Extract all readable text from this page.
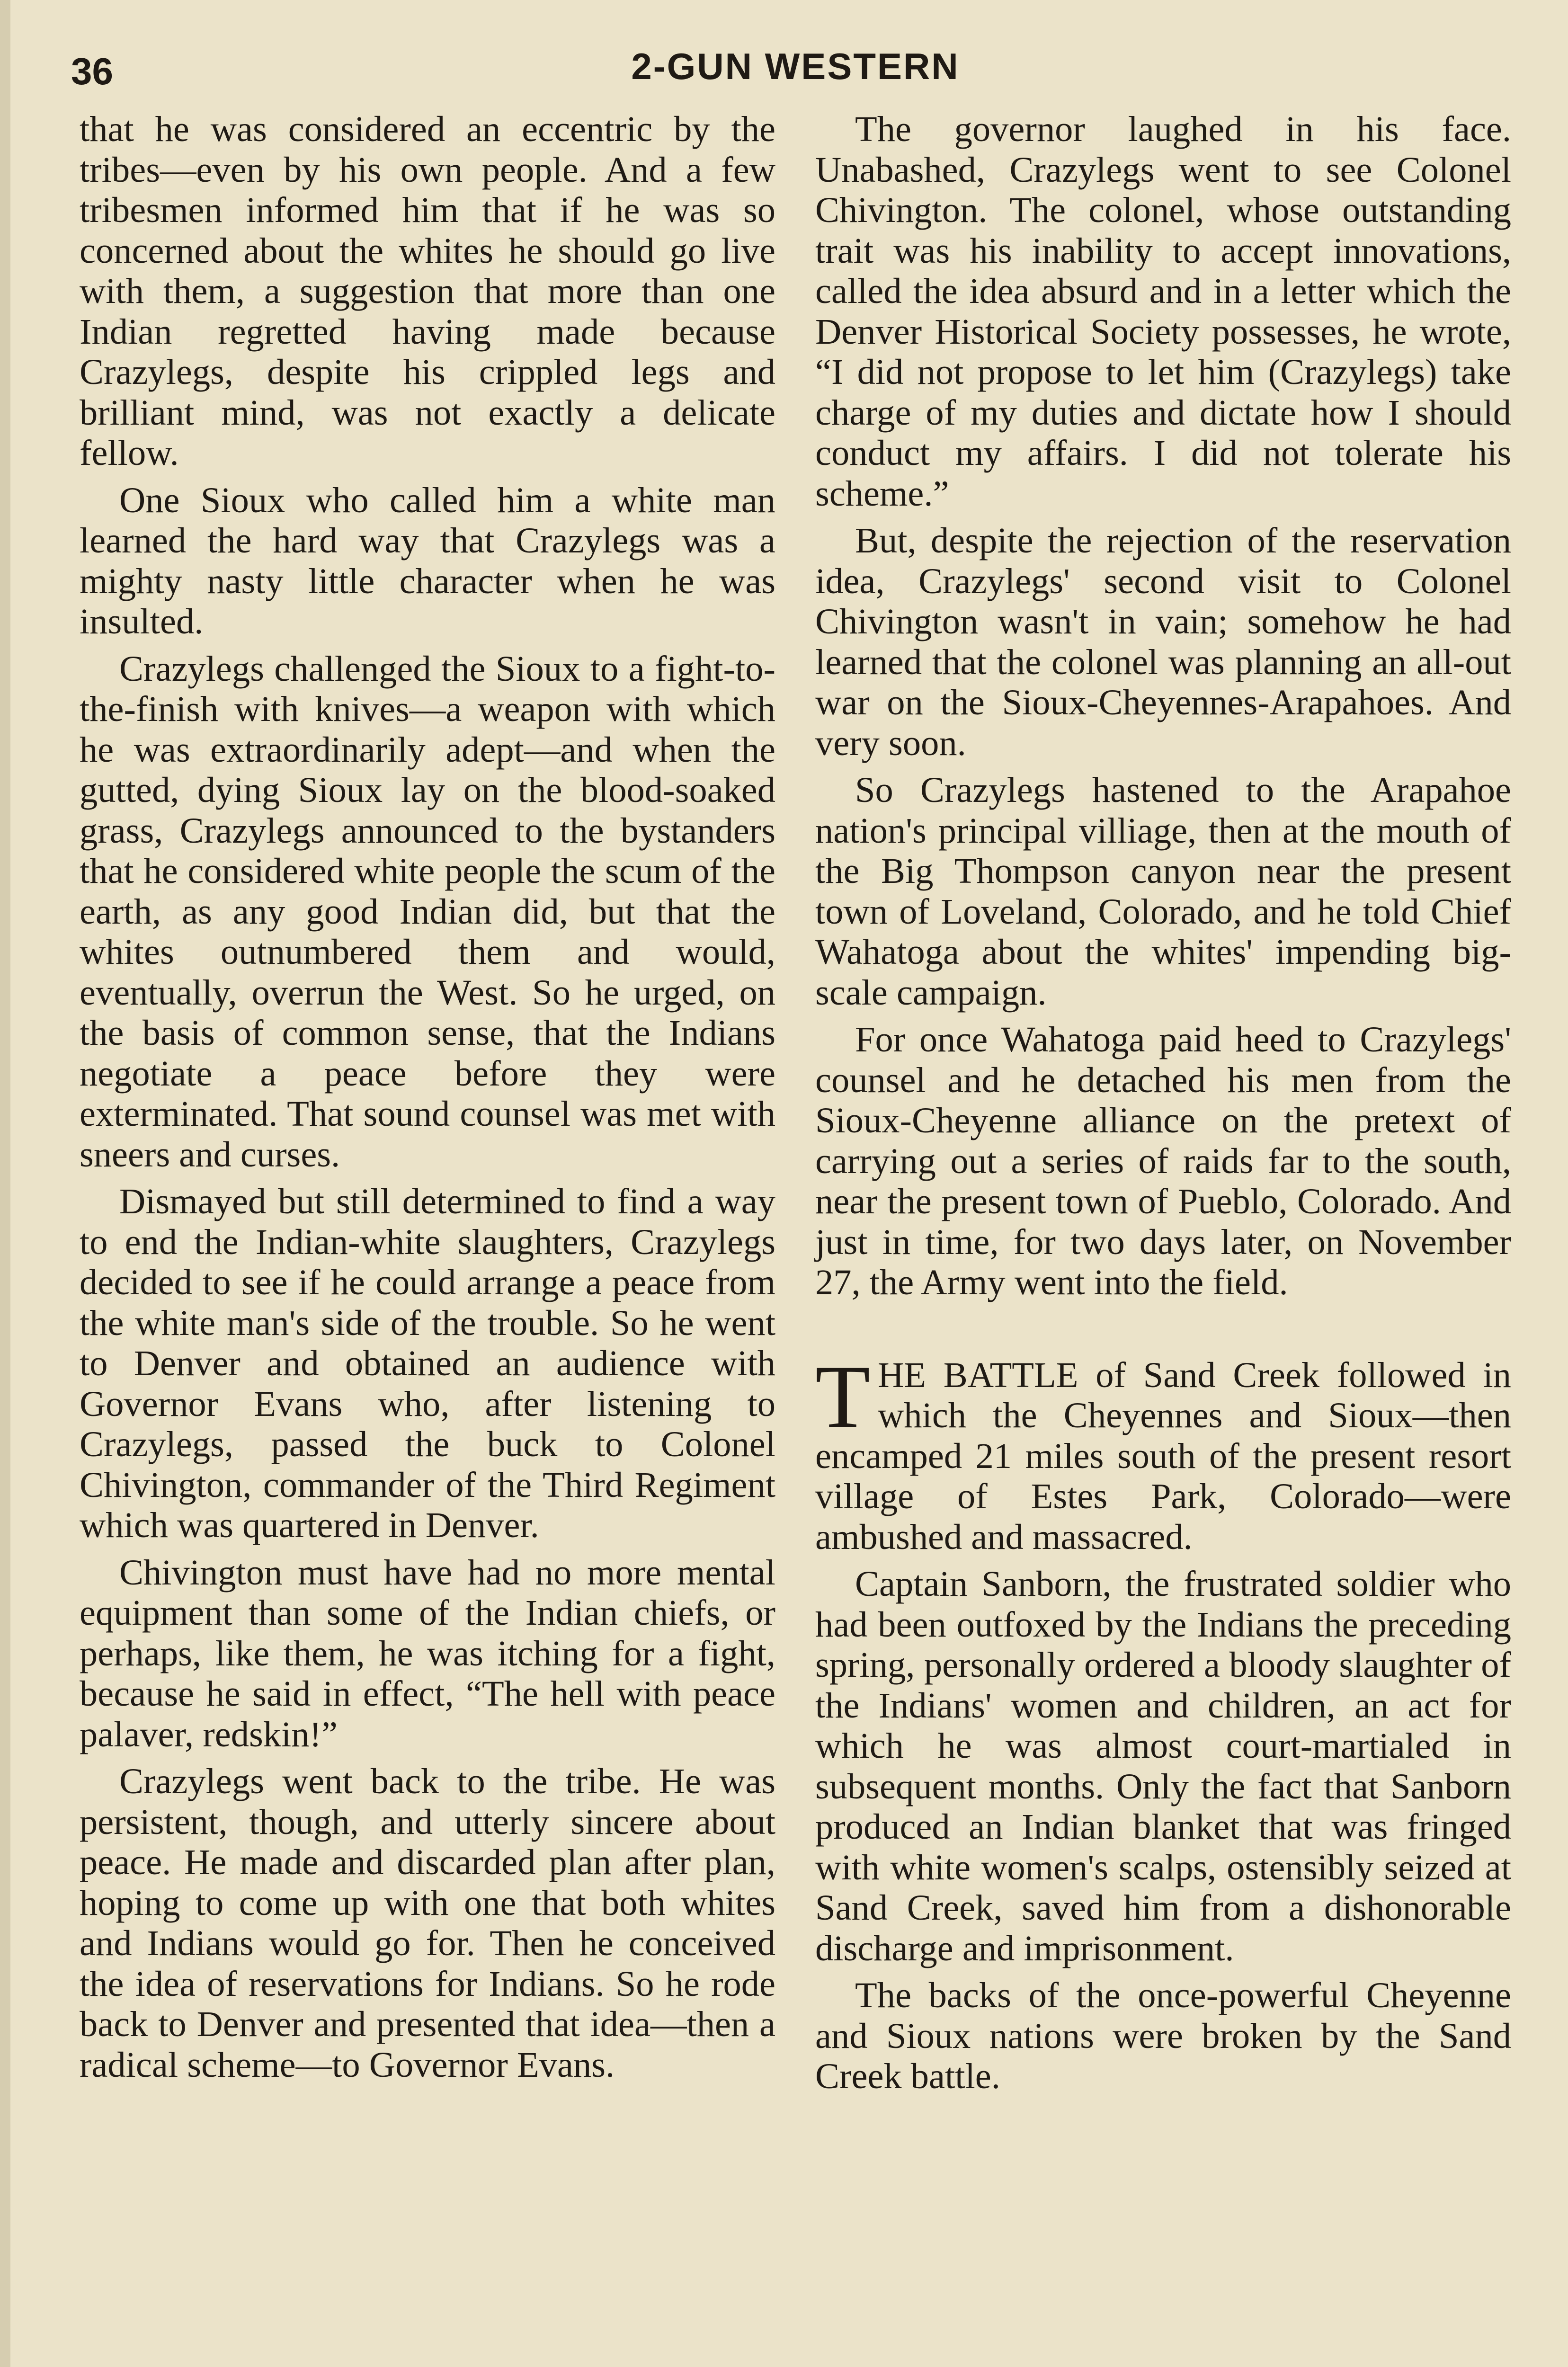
36	2-GUN WESTERN

that he was considered an eccentric by the tribes—even by his own people. And a few tribesmen informed him that if he was so concerned about the whites he should go live with them, a suggestion that more than one Indian regretted having made because Crazylegs, despite his crippled legs and brilliant mind, was not exactly a delicate fellow.

One Sioux who called him a white man learned the hard way that Crazylegs was a mighty nasty little character when he was insulted.

Crazylegs challenged the Sioux to a fight-to-the-finish with knives—a weapon with which he was extraordinarily adept—and when the gutted, dying Sioux lay on the blood-soaked grass, Crazylegs announced to the bystanders that he considered white people the scum of the earth, as any good Indian did, but that the whites outnumbered them and would, eventually, overrun the West. So he urged, on the basis of common sense, that the Indians negotiate a peace before they were exterminated. That sound counsel was met with sneers and curses.

Dismayed but still determined to find a way to end the Indian-white slaughters, Crazylegs decided to see if he could arrange a peace from the white man's side of the trouble. So he went to Denver and obtained an audience with Governor Evans who, after listening to Crazylegs, passed the buck to Colonel Chivington, commander of the Third Regiment which was quartered in Denver.

Chivington must have had no more mental equipment than some of the Indian chiefs, or perhaps, like them, he was itching for a fight, because he said in effect, “The hell with peace palaver, redskin!”

Crazylegs went back to the tribe. He was persistent, though, and utterly sincere about peace. He made and discarded plan after plan, hoping to come up with one that both whites and Indians would go for. Then he conceived the idea of reservations for Indians. So he rode back to Denver and presented that idea—then a radical scheme—to Governor Evans.

The governor laughed in his face. Unabashed, Crazylegs went to see Colonel Chivington. The colonel, whose outstanding trait was his inability to accept innovations, called the idea absurd and in a letter which the Denver Historical Society possesses, he wrote, “I did not propose to let him (Crazylegs) take charge of my duties and dictate how I should conduct my affairs. I did not tolerate his scheme.”

But, despite the rejection of the reservation idea, Crazylegs' second visit to Colonel Chivington wasn't in vain; somehow he had learned that the colonel was planning an all-out war on the Sioux-Cheyennes-Arapahoes. And very soon.

So Crazylegs hastened to the Arapahoe nation's principal villiage, then at the mouth of the Big Thompson canyon near the present town of Loveland, Colorado, and he told Chief Wahatoga about the whites' impending big-scale campaign.

For once Wahatoga paid heed to Crazylegs' counsel and he detached his men from the Sioux-Cheyenne alliance on the pretext of carrying out a series of raids far to the south, near the present town of Pueblo, Colorado. And just in time, for two days later, on November 27, the Army went into the field.

THE BATTLE of Sand Creek followed in which the Cheyennes and Sioux—then encamped 21 miles south of the present resort village of Estes Park, Colorado—were ambushed and massacred.

Captain Sanborn, the frustrated soldier who had been outfoxed by the Indians the preceding spring, personally ordered a bloody slaughter of the Indians' women and children, an act for which he was almost court-martialed in subsequent months. Only the fact that Sanborn produced an Indian blanket that was fringed with white women's scalps, ostensibly seized at Sand Creek, saved him from a dishonorable discharge and imprisonment.

The backs of the once-powerful Cheyenne and Sioux nations were broken by the Sand Creek battle.
